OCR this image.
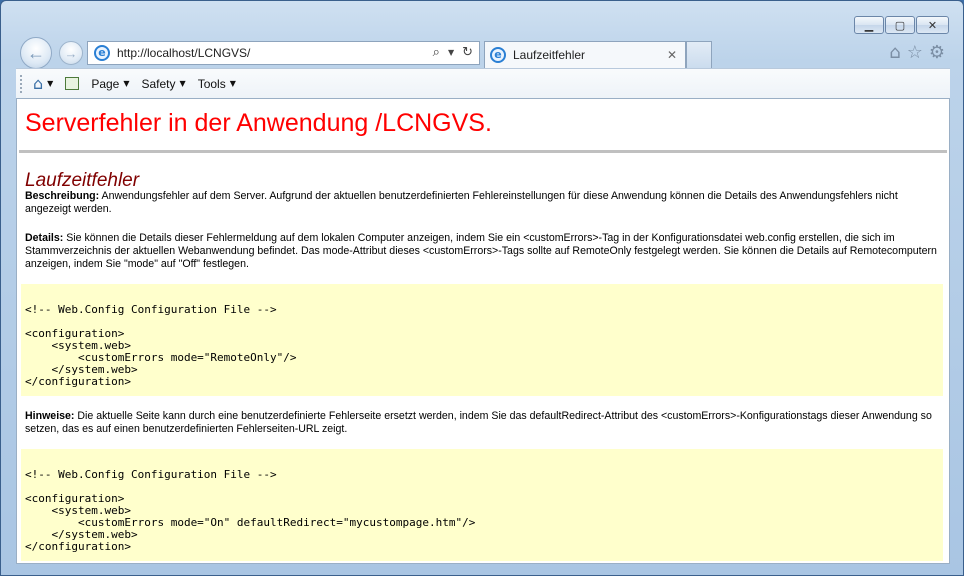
▁ ▢ ✕
← →	e http://localhost/LCNGVS/	⌕ ▼ ↻	e Laufzeitfehler	✕	⌂ ☆ ⚙
⌂ ▼	Page ▼ Safety ▼ Tools ▼
Serverfehler in der Anwendung /LCNGVS.
Laufzeitfehler

Beschreibung: Anwendungsfehler auf dem Server. Aufgrund der aktuellen benutzerdefinierten Fehlereinstellungen für diese Anwendung können die Details des Anwendungsfehlers nicht angezeigt werden.

Details: Sie können die Details dieser Fehlermeldung auf dem lokalen Computer anzeigen, indem Sie ein <customErrors>-Tag in der Konfigurationsdatei web.config erstellen, die sich im Stammverzeichnis der aktuellen Webanwendung befindet. Das mode-Attribut dieses <customErrors>-Tags sollte auf RemoteOnly festgelegt werden. Sie können die Details auf Remotecomputern anzeigen, indem Sie "mode" auf "Off" festlegen.

<!-- Web.Config Configuration File -->

<configuration>
<system.web>
<customErrors mode="RemoteOnly"/>
</system.web>
</configuration>

Hinweise: Die aktuelle Seite kann durch eine benutzerdefinierte Fehlerseite ersetzt werden, indem Sie das defaultRedirect-Attribut des <customErrors>-Konfigurationstags dieser Anwendung so setzen, das es auf einen benutzerdefinierten Fehlerseiten-URL zeigt.

<!-- Web.Config Configuration File -->

<configuration>
<system.web>
<customErrors mode="On" defaultRedirect="mycustompage.htm"/>
</system.web>
</configuration>
